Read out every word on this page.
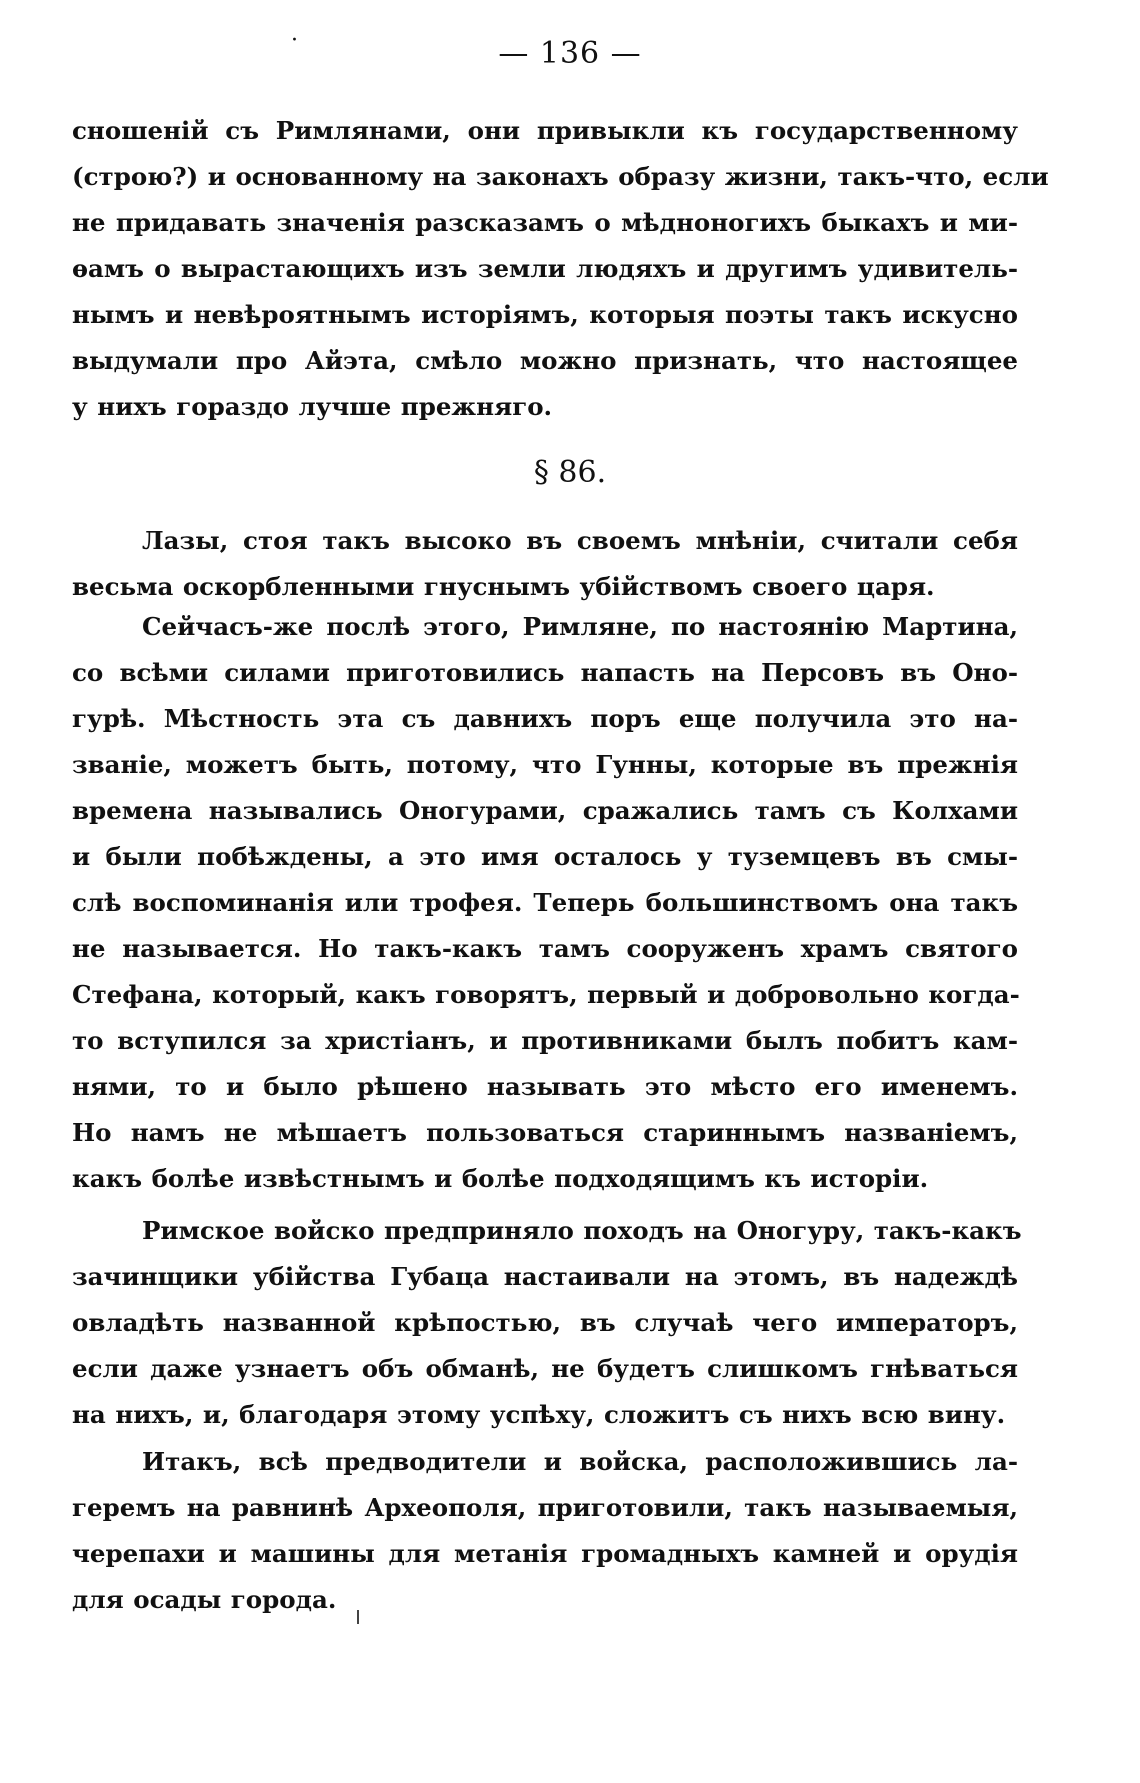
·	— 136 —

сношеній съ Римлянами, они привыкли къ государственному
(строю?) и основанному на законахъ образу жизни, такъ-что, если
не придавать значенія разсказамъ о мѣдноногихъ быкахъ и ми-
ѳамъ о вырастающихъ изъ земли людяхъ и другимъ удивитель-
нымъ и невѣроятнымъ исторіямъ, которыя поэты такъ искусно
выдумали про Айэта, смѣло можно признать, что настоящее
у нихъ гораздо лучше прежняго.

§ 86.

Лазы, стоя такъ высоко въ своемъ мнѣніи, считали себя
весьма оскорбленными гнуснымъ убійствомъ своего царя.

Сейчасъ-же послѣ этого, Римляне, по настоянію Мартина,
со всѣми силами приготовились напасть на Персовъ въ Оно-
гурѣ. Мѣстность эта съ давнихъ поръ еще получила это на-
званіе, можетъ быть, потому, что Гунны, которые въ прежнія
времена назывались Оногурами, сражались тамъ съ Колхами
и были побѣждены, а это имя осталось у туземцевъ въ смы-
слѣ воспоминанія или трофея. Теперь большинствомъ она такъ
не называется. Но такъ-какъ тамъ сооруженъ храмъ святого
Стефана, который, какъ говорятъ, первый и добровольно когда-
то вступился за христіанъ, и противниками былъ побитъ кам-
нями, то и было рѣшено называть это мѣсто его именемъ.
Но намъ не мѣшаетъ пользоваться стариннымъ названіемъ,
какъ болѣе извѣстнымъ и болѣе подходящимъ къ исторіи.

Римское войско предприняло походъ на Оногуру, такъ-какъ
зачинщики убійства Губаца настаивали на этомъ, въ надеждѣ
овладѣть названной крѣпостью, въ случаѣ чего императоръ,
если даже узнаетъ объ обманѣ, не будетъ слишкомъ гнѣваться
на нихъ, и, благодаря этому успѣху, сложитъ съ нихъ всю вину.

Итакъ, всѣ предводители и войска, расположившись ла-
геремъ на равнинѣ Археополя, приготовили, такъ называемыя,
черепахи и машины для метанія громадныхъ камней и орудія
для осады города.
